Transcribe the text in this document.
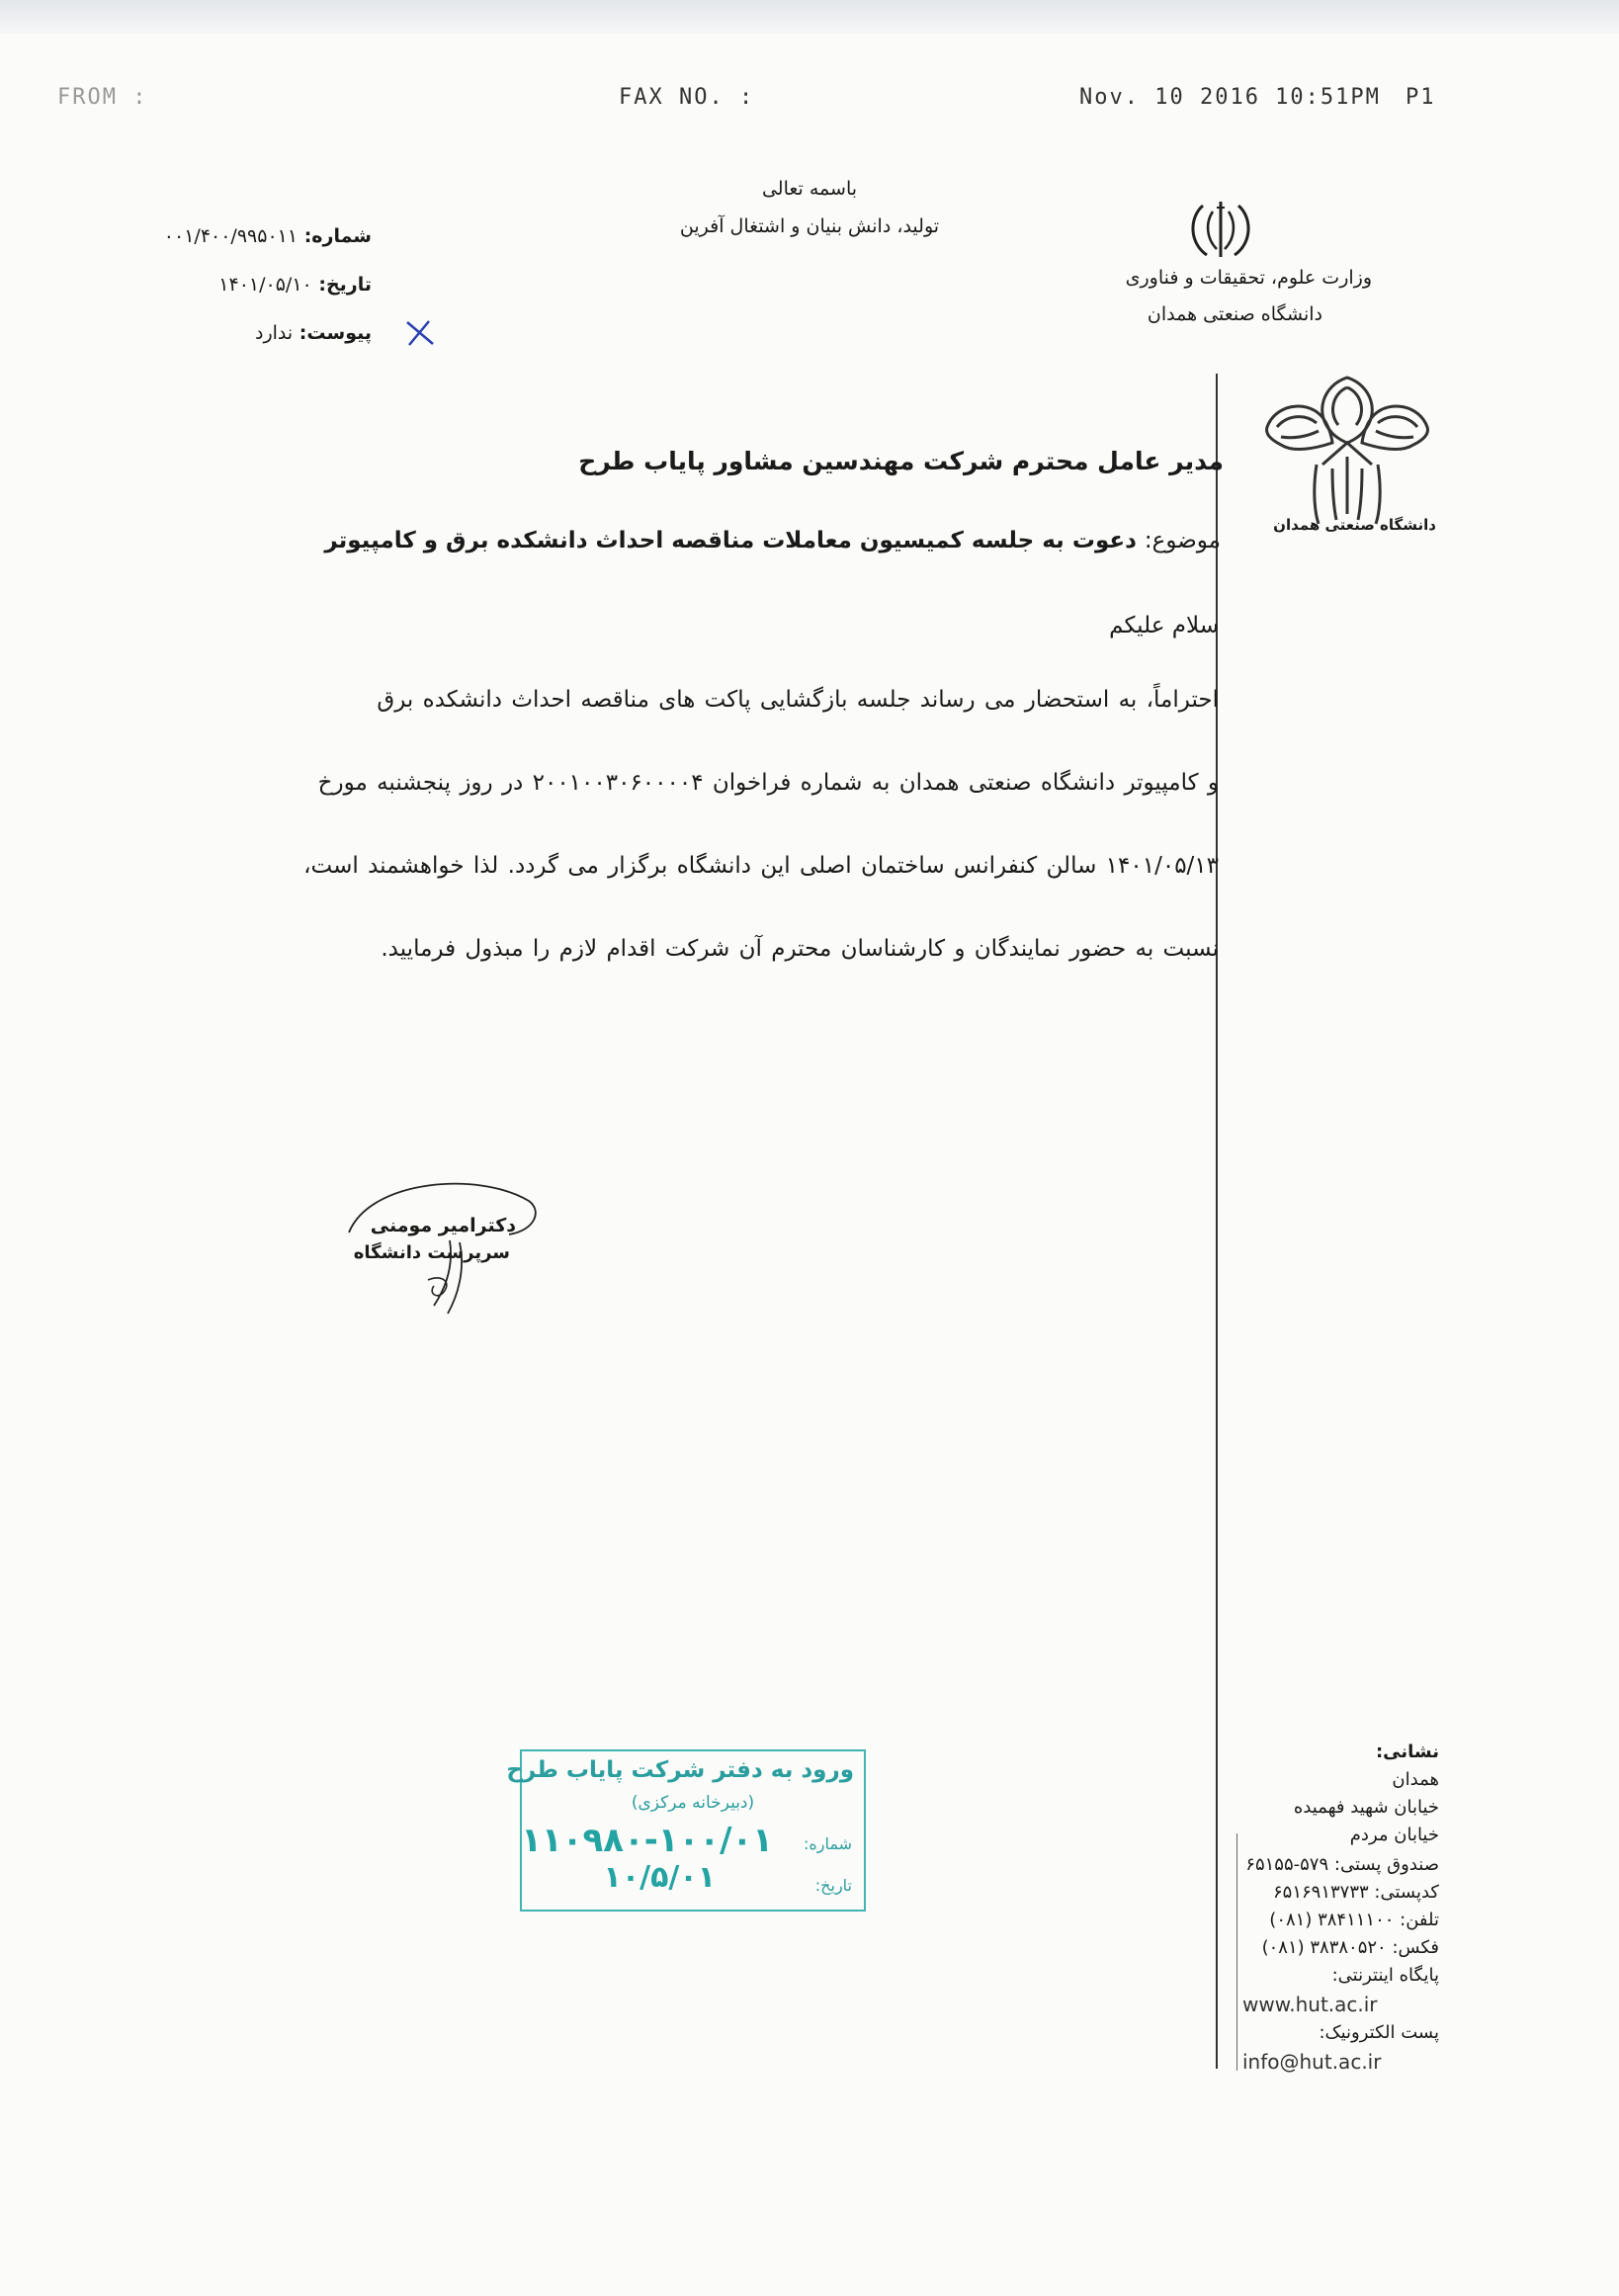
FROM :	FAX NO. :	Nov. 10 2016 10:51PM P1
باسمه تعالی
تولید، دانش بنیان و اشتغال آفرین
شماره: ۰۰۱/۴۰۰/۹۹۵۰۱۱
تاریخ: ۱۴۰۱/۰۵/۱۰
پیوست: ندارد
وزارت علوم، تحقیقات و فناوری
دانشگاه صنعتی همدان
دانشگاه صنعتی همدان
مدیر عامل محترم شرکت مهندسین مشاور پایاب طرح
موضوع: دعوت به جلسه کمیسیون معاملات مناقصه احداث دانشکده برق و کامپیوتر
سلام علیکم
احتراماً، به استحضار می رساند جلسه بازگشایی پاکت های مناقصه احداث دانشکده برق
و کامپیوتر دانشگاه صنعتی همدان به شماره فراخوان ۲۰۰۱۰۰۳۰۶۰۰۰۰۴ در روز پنجشنبه مورخ
۱۴۰۱/۰۵/۱۳ سالن کنفرانس ساختمان اصلی این دانشگاه برگزار می گردد. لذا خواهشمند است،
نسبت به حضور نمایندگان و کارشناسان محترم آن شرکت اقدام لازم را مبذول فرمایید.
دکترامیر مومنی
سرپرست دانشگاه
ورود به دفتر شرکت پایاب طرح
(دبیرخانه مرکزی)
شماره:
۱۱۰۹۸۰-۱۰۰/۰۱
تاریخ:
۱۰/۵/۰۱
نشانی:
همدان
خیابان شهید فهمیده
خیابان مردم
صندوق پستی: ۵۷۹-۶۵۱۵۵
کدپستی: ۶۵۱۶۹۱۳۷۳۳
تلفن: ۳۸۴۱۱۱۰۰ (۰۸۱)
فکس: ۳۸۳۸۰۵۲۰ (۰۸۱)
پایگاه اینترنتی:
www.hut.ac.ir
پست الکترونیک:
info@hut.ac.ir
